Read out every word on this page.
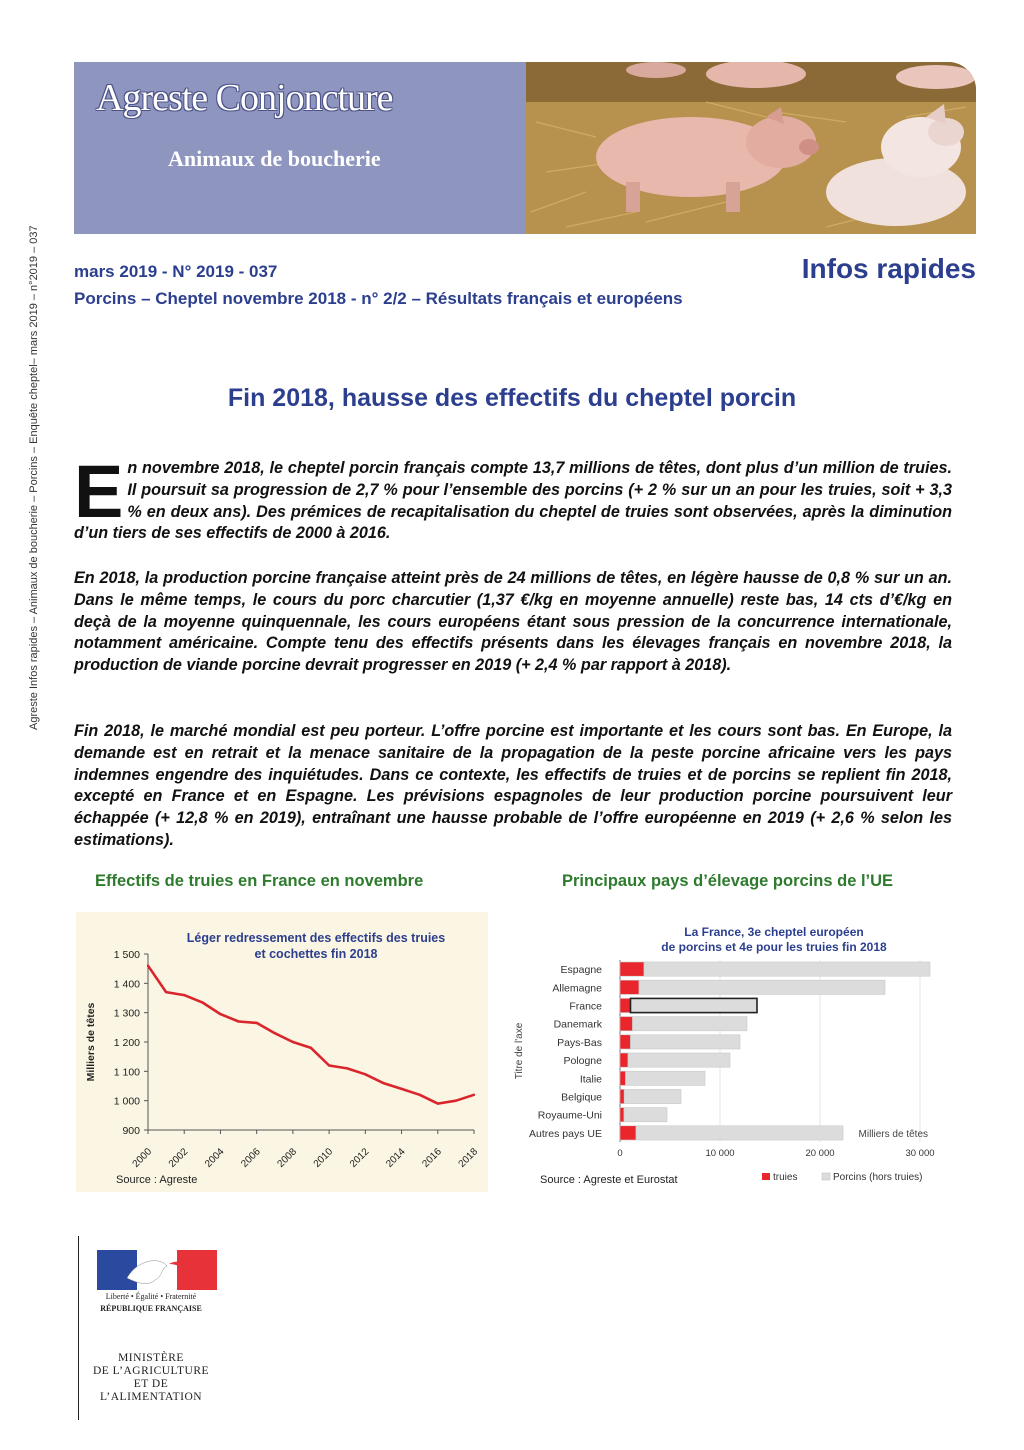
Agreste Infos rapides – Animaux de boucherie – Porcins – Enquête cheptel– mars 2019 – n°2019 – 037
Agreste Conjoncture
Animaux de boucherie
mars 2019 - N° 2019 - 037	Infos rapides
Porcins – Cheptel novembre 2018 - n° 2/2 – Résultats français et européens
Fin 2018, hausse des effectifs du cheptel porcin

En novembre 2018, le cheptel porcin français compte 13,7 millions de têtes, dont plus d’un million de truies. Il poursuit sa progression de 2,7 % pour l’ensemble des porcins (+ 2 % sur un an pour les truies, soit + 3,3 % en deux ans). Des prémices de recapitalisation du cheptel de truies sont observées, après la diminution d’un tiers de ses effectifs de 2000 à 2016.

En 2018, la production porcine française atteint près de 24 millions de têtes, en légère hausse de 0,8 % sur un an. Dans le même temps, le cours du porc charcutier (1,37 €/kg en moyenne annuelle) reste bas, 14 cts d’€/kg en deçà de la moyenne quinquennale, les cours européens étant sous pression de la concurrence internationale, notamment américaine. Compte tenu des effectifs présents dans les élevages français en novembre 2018, la production de viande porcine devrait progresser en 2019 (+ 2,4 % par rapport à 2018).

Fin 2018, le marché mondial est peu porteur. L’offre porcine est importante et les cours sont bas. En Europe, la demande est en retrait et la menace sanitaire de la propagation de la peste porcine africaine vers les pays indemnes engendre des inquiétudes. Dans ce contexte, les effectifs de truies et de porcins se replient fin 2018, excepté en France et en Espagne. Les prévisions espagnoles de leur production porcine poursuivent leur échappée (+ 12,8 % en 2019), entraînant une hausse probable de l’offre européenne en 2019 (+ 2,6 % selon les estimations).

Effectifs de truies en France en novembre	Principaux pays d’élevage porcins de l’UE
Léger redressement des effectifs des truies
et cochettes fin 2018
1 500
1 400
1 300
1 200
1 100
1 000
900
2000 2002 2004 2006 2008 2010 2012 2014 2016 2018
Milliers de têtes
Source : Agreste
La France, 3e cheptel européen
de porcins et 4e pour les truies fin 2018
0	10 000	20 000	30 000
Titre de l'axe
Espagne
Allemagne
France
Danemark
Pays-Bas
Pologne
Italie
Belgique
Royaume-Uni
Autres pays UE	Milliers de têtes
Source : Agreste et Eurostat	truies	Porcins (hors truies)
Liberté • Égalité • Fraternité
RÉPUBLIQUE FRANÇAISE
MINISTÈRE
DE L’AGRICULTURE
ET DE
L’ALIMENTATION
